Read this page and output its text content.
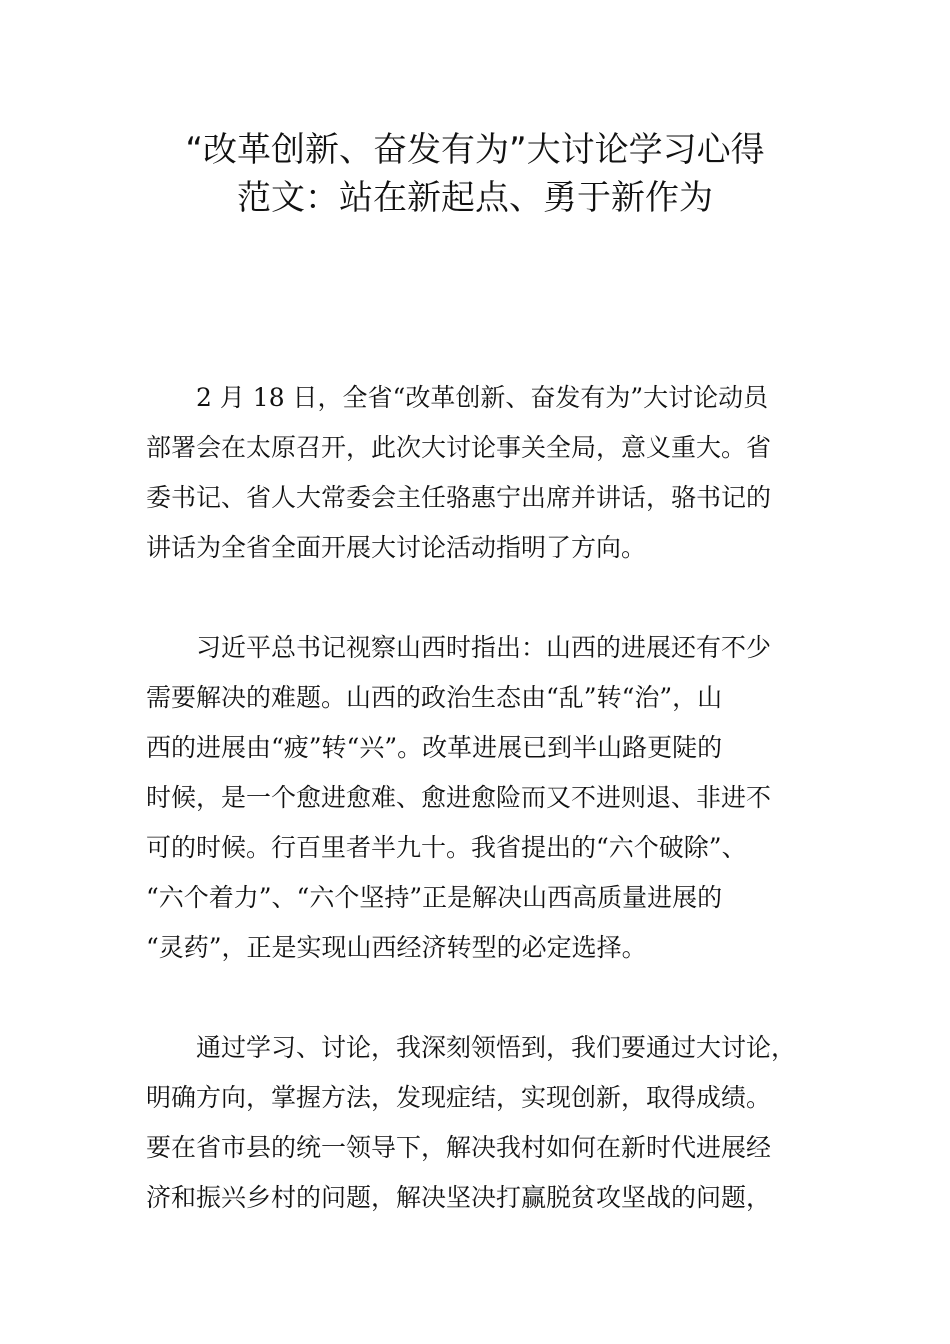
“改革创新、奋发有为”大讨论学习心得
范文：站在新起点、勇于新作为
2 月 18 日，全省“改革创新、奋发有为”大讨论动员
部署会在太原召开，此次大讨论事关全局，意义重大。省
委书记、省人大常委会主任骆惠宁出席并讲话，骆书记的
讲话为全省全面开展大讨论活动指明了方向。
习近平总书记视察山西时指出：山西的进展还有不少
需要解决的难题。山西的政治生态由“乱”转“治”，山
西的进展由“疲”转“兴”。改革进展已到半山路更陡的
时候，是一个愈进愈难、愈进愈险而又不进则退、非进不
可的时候。行百里者半九十。我省提出的“六个破除”、
“六个着力”、“六个坚持”正是解决山西高质量进展的
“灵药”，正是实现山西经济转型的必定选择。
通过学习、讨论，我深刻领悟到，我们要通过大讨论，
明确方向，掌握方法，发现症结，实现创新，取得成绩。
要在省市县的统一领导下，解决我村如何在新时代进展经
济和振兴乡村的问题，解决坚决打赢脱贫攻坚战的问题，
